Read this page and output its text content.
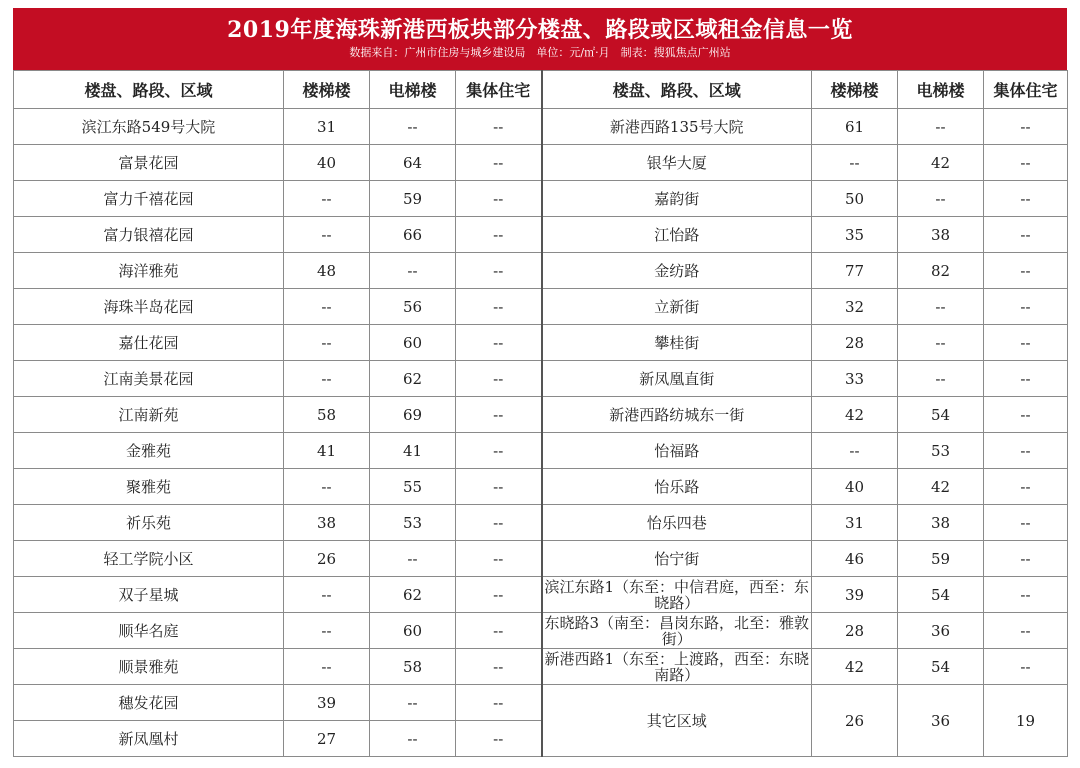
2019年度海珠新港西板块部分楼盘、路段或区域租金信息一览
数据来自：广州市住房与城乡建设局　单位：元/㎡·月　制表：搜狐焦点广州站
楼盘、路段、区域	楼梯楼	电梯楼	集体住宅	楼盘、路段、区域	楼梯楼	电梯楼	集体住宅
滨江东路549号大院	31	--	--	新港西路135号大院	61	--	--
富景花园	40	64	--	银华大厦	--	42	--
富力千禧花园	--	59	--	嘉韵街	50	--	--
富力银禧花园	--	66	--	江怡路	35	38	--
海洋雅苑	48	--	--	金纺路	77	82	--
海珠半岛花园	--	56	--	立新街	32	--	--
嘉仕花园	--	60	--	攀桂街	28	--	--
江南美景花园	--	62	--	新凤凰直街	33	--	--
江南新苑	58	69	--	新港西路纺城东一街	42	54	--
金雅苑	41	41	--	怡福路	--	53	--
聚雅苑	--	55	--	怡乐路	40	42	--
祈乐苑	38	53	--	怡乐四巷	31	38	--
轻工学院小区	26	--	--	怡宁街	46	59	--
双子星城	--	62	--	滨江东路1（东至：中信君庭，西至：东晓路）	39	54	--
顺华名庭	--	60	--	东晓路3（南至：昌岗东路，北至：雅敦街）	28	36	--
顺景雅苑	--	58	--	新港西路1（东至：上渡路，西至：东晓南路）	42	54	--
穗发花园	39	--	--	其它区域	26	36	19
新凤凰村	27	--	--				
